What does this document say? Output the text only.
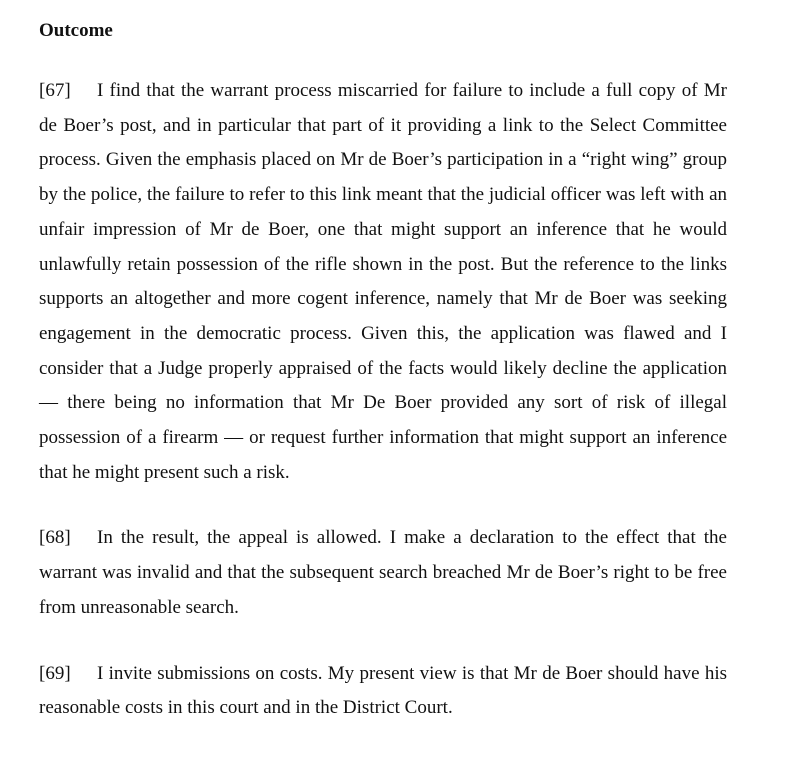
Outcome

[67] I find that the warrant process miscarried for failure to include a full copy of Mr de Boer’s post, and in particular that part of it providing a link to the Select Committee process. Given the emphasis placed on Mr de Boer’s participation in a “right wing” group by the police, the failure to refer to this link meant that the judicial officer was left with an unfair impression of Mr de Boer, one that might support an inference that he would unlawfully retain possession of the rifle shown in the post. But the reference to the links supports an altogether and more cogent inference, namely that Mr de Boer was seeking engagement in the democratic process. Given this, the application was flawed and I consider that a Judge properly appraised of the facts would likely decline the application — there being no information that Mr De Boer provided any sort of risk of illegal possession of a firearm — or request further information that might support an inference that he might present such a risk.

[68] In the result, the appeal is allowed. I make a declaration to the effect that the warrant was invalid and that the subsequent search breached Mr de Boer’s right to be free from unreasonable search.

[69] I invite submissions on costs. My present view is that Mr de Boer should have his reasonable costs in this court and in the District Court.
